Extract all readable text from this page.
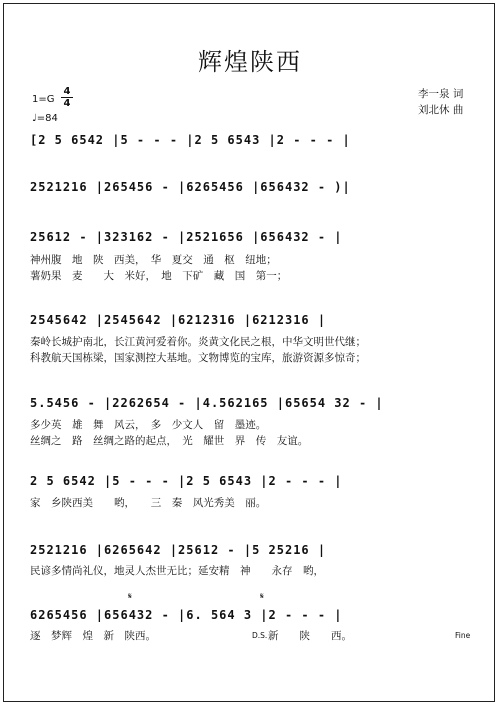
辉煌陕西
1=G
4
4
♩=84
李一泉 词
刘北休 曲
[2 5 6542 |5 - - - |2 5 6543 |2 - - - |
2521216 |265456 - |6265456 |656432 - )|
25612 - |323162 - |2521656 |656432 - |
神州腹　地　陕　西美，　华　夏交　通　枢　纽地；
薯奶果　麦　　大　米好，　地　下矿　藏　国　第一；
2545642 |2545642 |6212316 |6212316 |
秦岭长城护南北，长江黄河爱着你。炎黄文化民之根，中华文明世代继；
科教航天国栋梁，国家测控大基地。文物博览的宝库，旅游资源多惊奇；
5.5456 - |2262654 - |4.562165 |65654 32 - |
多少英　雄　舞　风云，　多　少文人　留　墨迹。
丝绸之　路　丝绸之路的起点，　光　耀世　界　传　友谊。
2 5 6542 |5 - - - |2 5 6543 |2 - - - |
家　乡陕西美　　哟，　　三　秦　风光秀美　丽。
2521216 |6265642 |25612 - |5 25216 |
民谚多情尚礼仪，地灵人杰世无比；延安精　神　　永存　哟，
6265456 |656432 - |6. 564 3 |2 - - - |
逐　梦辉　煌　新　陕西。	D.S. 新　　陕　　西。	Fine
𝄋	𝄋
